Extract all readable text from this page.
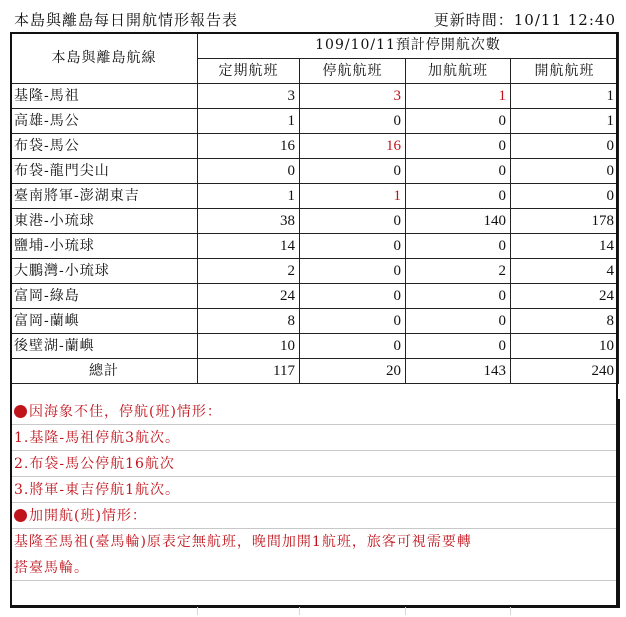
本島與離島每日開航情形報告表	更新時間：10/11 12:40
本島與離島航線	109/10/11預計停開航次數			
	定期航班	停航航班	加航航班	開航航班
基隆-馬祖	3	3	1	1
高雄-馬公	1	0	0	1
布袋-馬公	16	16	0	0
布袋-龍門尖山	0	0	0	0
臺南將軍-澎湖東吉	1	1	0	0
東港-小琉球	38	0	140	178
鹽埔-小琉球	14	0	0	14
大鵬灣-小琉球	2	0	2	4
富岡-綠島	24	0	0	24
富岡-蘭嶼	8	0	0	8
後壁湖-蘭嶼	10	0	0	10
總計	117	20	143	240
因海象不佳，停航(班)情形：
1.基隆-馬祖停航3航次。
2.布袋-馬公停航16航次
3.將軍-東吉停航1航次。
加開航(班)情形：
基隆至馬祖(臺馬輪)原表定無航班，晚間加開1航班，旅客可視需要轉
搭臺馬輪。
